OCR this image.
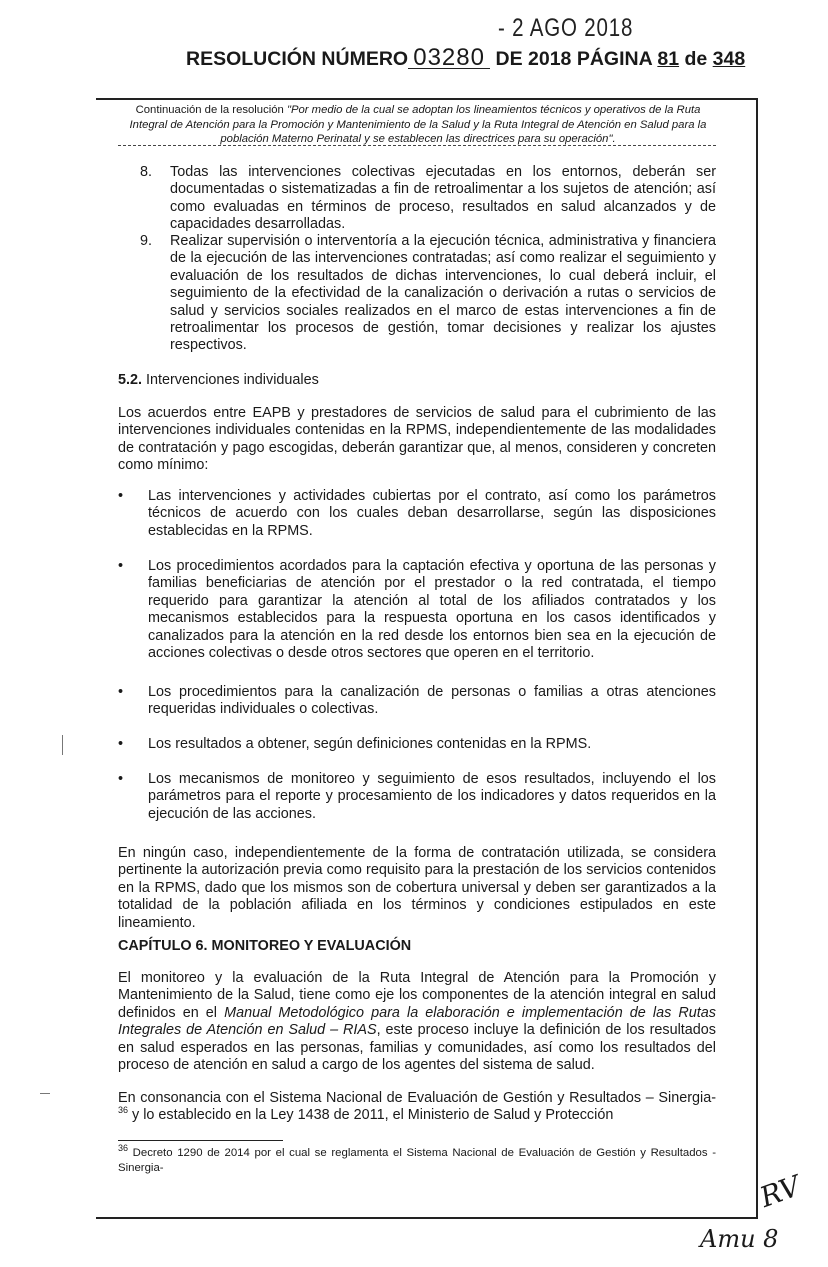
- 2 AGO 2018
RESOLUCIÓN NÚMERO 03280 DE 2018 PÁGINA 81 de 348
Continuación de la resolución "Por medio de la cual se adoptan los lineamientos técnicos y operativos de la Ruta Integral de Atención para la Promoción y Mantenimiento de la Salud y la Ruta Integral de Atención en Salud para la población Materno Perinatal y se establecen las directrices para su operación".
8. Todas las intervenciones colectivas ejecutadas en los entornos, deberán ser documentadas o sistematizadas a fin de retroalimentar a los sujetos de atención; así como evaluadas en términos de proceso, resultados en salud alcanzados y de capacidades desarrolladas.
9. Realizar supervisión o interventoría a la ejecución técnica, administrativa y financiera de la ejecución de las intervenciones contratadas; así como realizar el seguimiento y evaluación de los resultados de dichas intervenciones, lo cual deberá incluir, el seguimiento de la efectividad de la canalización o derivación a rutas o servicios de salud y servicios sociales realizados en el marco de estas intervenciones a fin de retroalimentar los procesos de gestión, tomar decisiones y realizar los ajustes respectivos.
5.2. Intervenciones individuales
Los acuerdos entre EAPB y prestadores de servicios de salud para el cubrimiento de las intervenciones individuales contenidas en la RPMS, independientemente de las modalidades de contratación y pago escogidas, deberán garantizar que, al menos, consideren y concreten como mínimo:
• Las intervenciones y actividades cubiertas por el contrato, así como los parámetros técnicos de acuerdo con los cuales deban desarrollarse, según las disposiciones establecidas en la RPMS.
• Los procedimientos acordados para la captación efectiva y oportuna de las personas y familias beneficiarias de atención por el prestador o la red contratada, el tiempo requerido para garantizar la atención al total de los afiliados contratados y los mecanismos establecidos para la respuesta oportuna en los casos identificados y canalizados para la atención en la red desde los entornos bien sea en la ejecución de acciones colectivas o desde otros sectores que operen en el territorio.
• Los procedimientos para la canalización de personas o familias a otras atenciones requeridas individuales o colectivas.
• Los resultados a obtener, según definiciones contenidas en la RPMS.
• Los mecanismos de monitoreo y seguimiento de esos resultados, incluyendo el los parámetros para el reporte y procesamiento de los indicadores y datos requeridos en la ejecución de las acciones.
En ningún caso, independientemente de la forma de contratación utilizada, se considera pertinente la autorización previa como requisito para la prestación de los servicios contenidos en la RPMS, dado que los mismos son de cobertura universal y deben ser garantizados a la totalidad de la población afiliada en los términos y condiciones estipulados en este lineamiento.
CAPÍTULO 6. MONITOREO Y EVALUACIÓN
El monitoreo y la evaluación de la Ruta Integral de Atención para la Promoción y Mantenimiento de la Salud, tiene como eje los componentes de la atención integral en salud definidos en el Manual Metodológico para la elaboración e implementación de las Rutas Integrales de Atención en Salud – RIAS, este proceso incluye la definición de los resultados en salud esperados en las personas, familias y comunidades, así como los resultados del proceso de atención en salud a cargo de los agentes del sistema de salud.
En consonancia con el Sistema Nacional de Evaluación de Gestión y Resultados – Sinergia-$^{36}$ y lo establecido en la Ley 1438 de 2011, el Ministerio de Salud y Protección
$^{36}$ Decreto 1290 de 2014 por el cual se reglamenta el Sistema Nacional de Evaluación de Gestión y Resultados -Sinergia-
RV
Amu 8
